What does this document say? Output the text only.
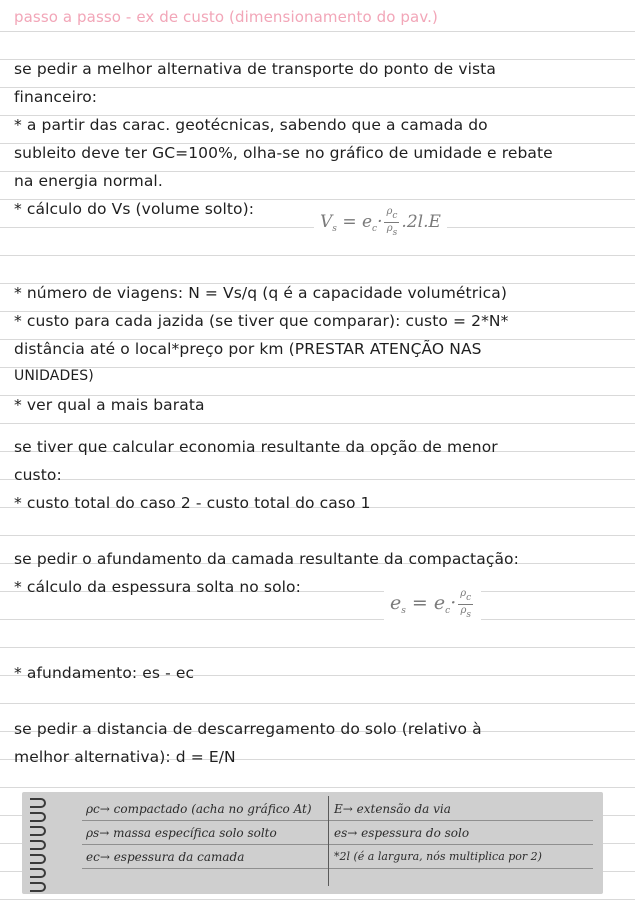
passo a passo - ex de custo (dimensionamento do pav.)
se pedir a melhor alternativa de transporte do ponto de vista
financeiro:
* a partir das carac. geotécnicas, sabendo que a camada do
subleito deve ter GC=100%, olha-se no gráfico de umidade e rebate
na energia normal.
* cálculo do Vs (volume solto):
$V_s = e_c\cdot \frac{\rho c}{\rho s} .2l.E$
* número de viagens: N = Vs/q (q é a capacidade volumétrica)
* custo para cada jazida (se tiver que comparar): custo = 2*N*
distância até o local*preço por km (PRESTAR ATENÇÃO NAS
UNIDADES)
* ver qual a mais barata
se tiver que calcular economia resultante da opção de menor
custo:
* custo total do caso 2 - custo total do caso 1
se pedir o afundamento da camada resultante da compactação:
* cálculo da espessura solta no solo:
$e_s = e_c\cdot \frac{\rho c}{\rho s}$
* afundamento: es - ec
se pedir a distancia de descarregamento do solo (relativo à
melhor alternativa): d = E/N
ρc→ compactado (acha no gráfico At)
ρs→ massa específica solo solto
ec→ espessura da camada
E→ extensão da via
es→ espessura do solo
*2l (é a largura, nós multiplica por 2)
